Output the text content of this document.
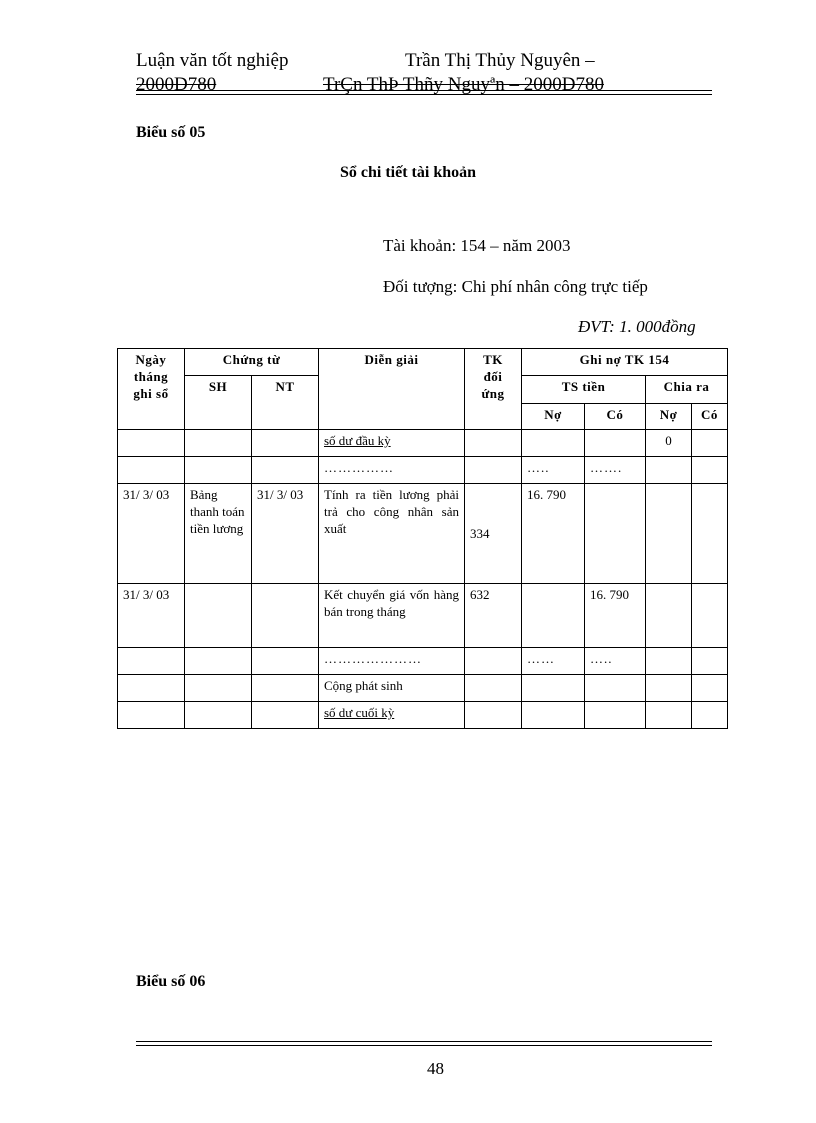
Luận văn tốt nghiệp	Trần Thị Thủy Nguyên –
2000D780	TrÇn ThÞ Thñy Nguyªn – 2000D780
Biểu số 05
Sổ chi tiết tài khoản
Tài khoản: 154 – năm 2003
Đối tượng: Chi phí nhân công trực tiếp
ĐVT: 1. 000đồng
Ngày
tháng
ghi sổ	Chứng từ		Diễn giải	TK
đối
ứng	Ghi nợ TK 154			
	SH	NT			TS tiền		Chia ra	
					Nợ	Có	Nợ	Có
			số dư đầu kỳ				0	
			……………		…..	…….		
31/ 3/ 03	Bảng thanh toán tiền lương	31/ 3/ 03	Tính ra tiền lương phải trả cho công nhân sản xuất	334	16. 790			
31/ 3/ 03			Kết chuyển giá vốn hàng bán trong tháng	632		16. 790		
			…………………		……	…..		
			Cộng phát sinh					
			số dư cuối kỳ					
Biểu số 06
48
